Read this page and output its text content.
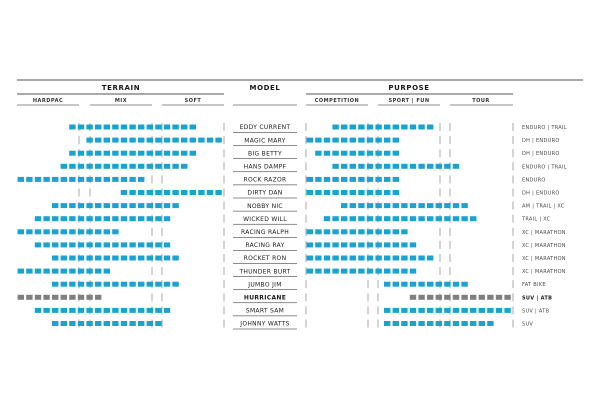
TERRAIN	MODEL	PURPOSE
HARDPAC	MIX	SOFT	COMPETITION	SPORT | FUN	TOUR
EDDY CURRENT	ENDURO | TRAIL
MAGIC MARY	DH | ENDURO
BIG BETTY	DH | ENDURO
HANS DAMPF	ENDURO | TRAIL
ROCK RAZOR	ENDURO
DIRTY DAN	DH | ENDURO
NOBBY NIC	AM | TRAIL | XC
WICKED WILL	TRAIL | XC
RACING RALPH	XC | MARATHON
RACING RAY	XC | MARATHON
ROCKET RON	XC | MARATHON
THUNDER BURT	XC | MARATHON
JUMBO JIM	FAT BIKE
HURRICANE	SUV | ATB
SMART SAM	SUV | ATB
JOHNNY WATTS	SUV
